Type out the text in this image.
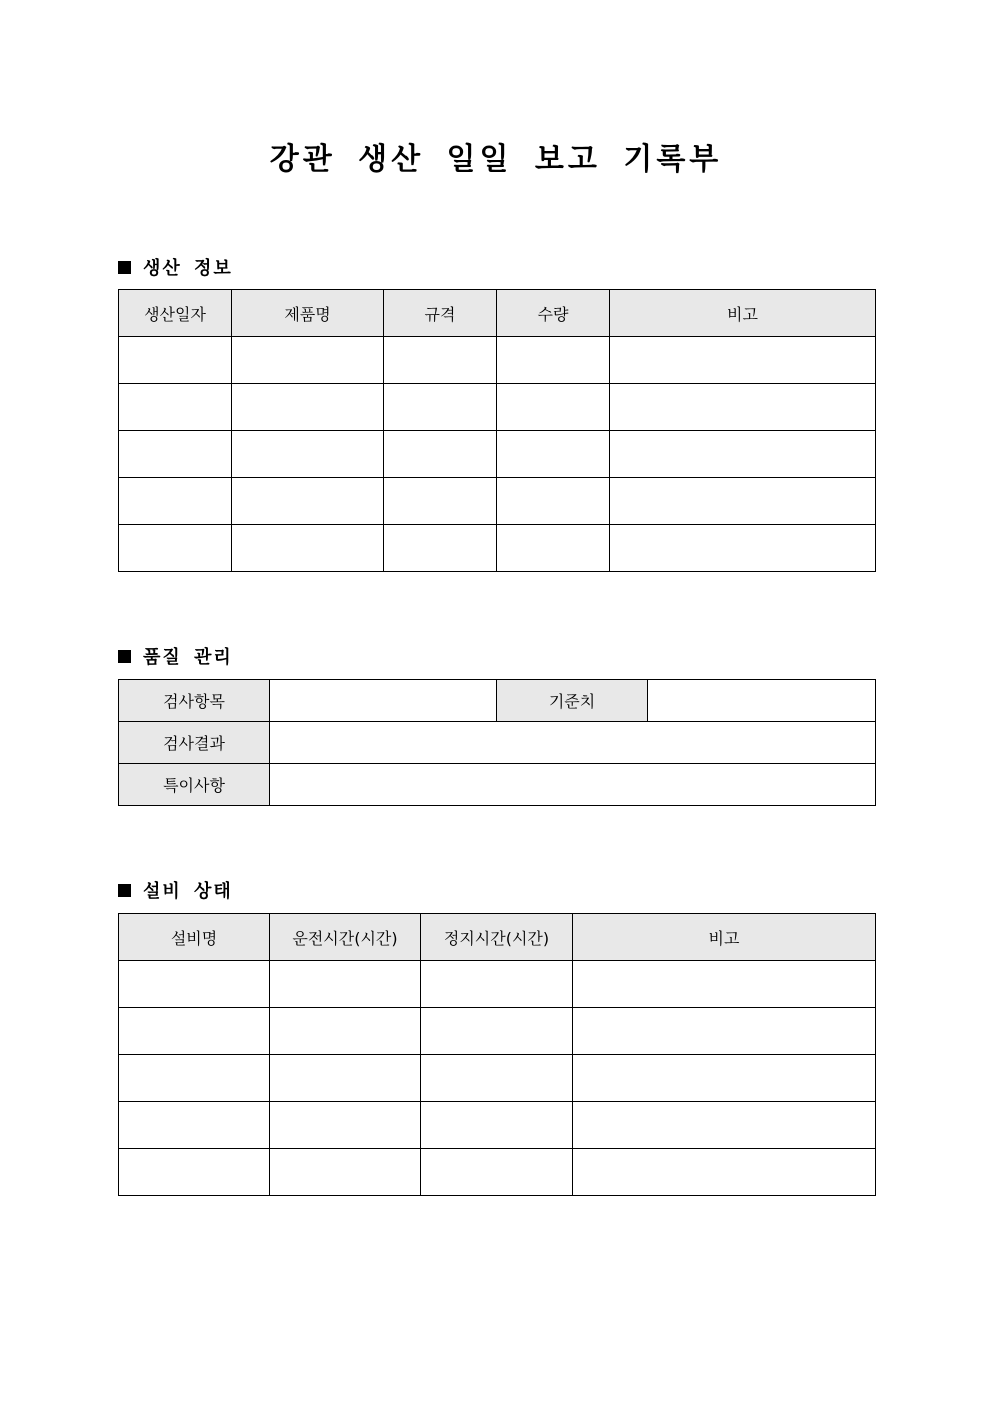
강관 생산 일일 보고 기록부
생산 정보
생산일자	제품명	규격	수량	비고

품질 관리
검사항목		기준치	
검사결과			
특이사항			
설비 상태
설비명	운전시간(시간)	정지시간(시간)	비고
